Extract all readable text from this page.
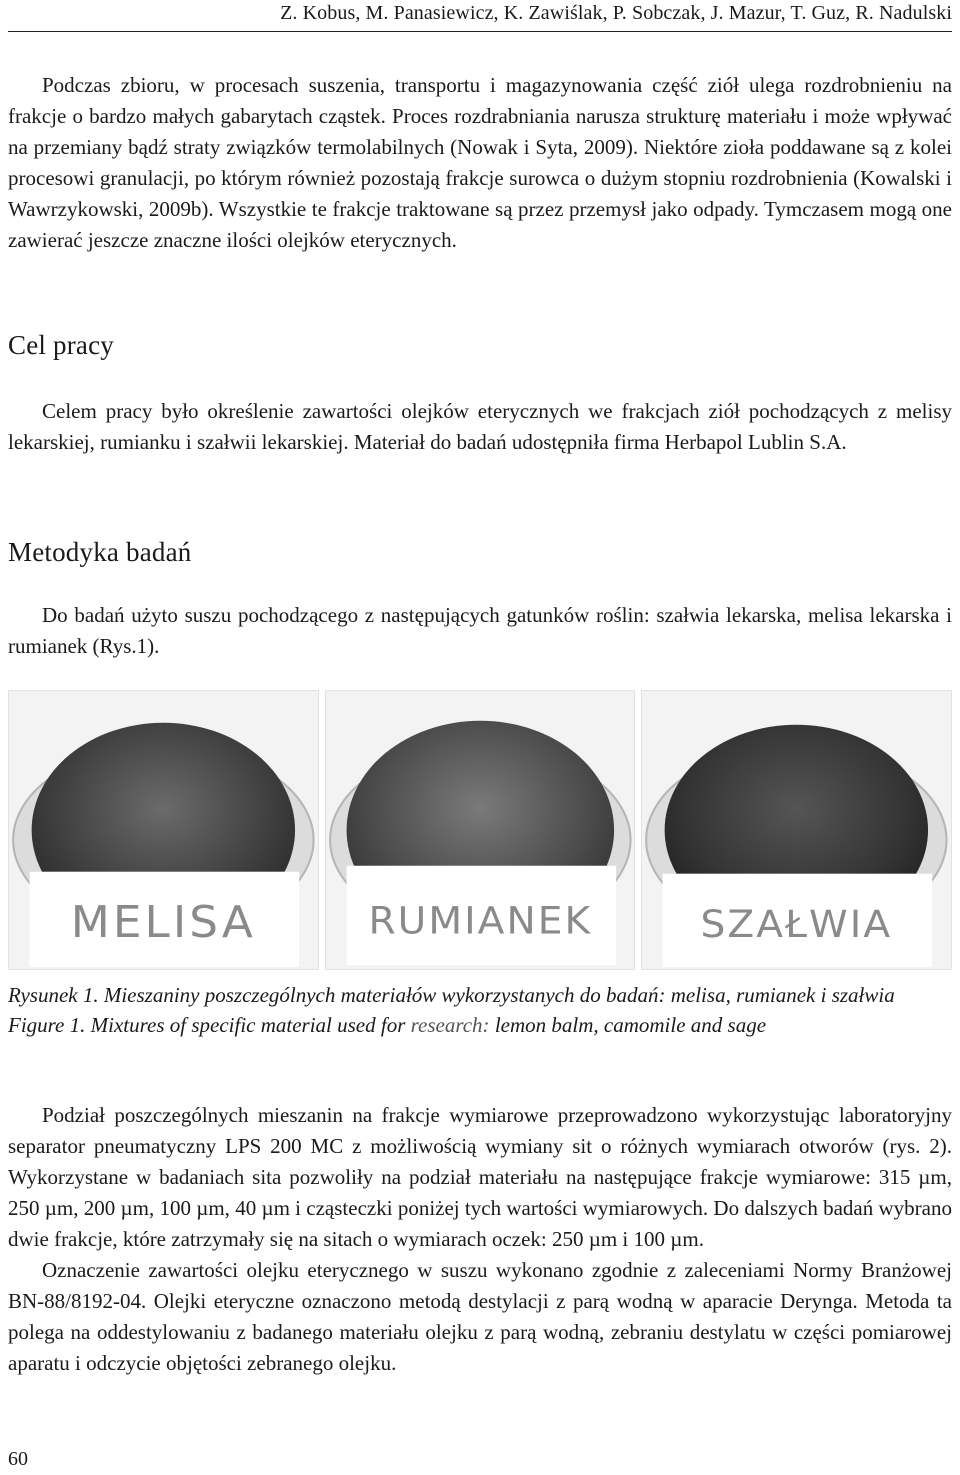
Z. Kobus, M. Panasiewicz, K. Zawiślak, P. Sobczak, J. Mazur, T. Guz, R. Nadulski

Podczas zbioru, w procesach suszenia, transportu i magazynowania część ziół ulega rozdrobnieniu na frakcje o bardzo małych gabarytach cząstek. Proces rozdrabniania narusza strukturę materiału i może wpływać na przemiany bądź straty związków termolabilnych (Nowak i Syta, 2009). Niektóre zioła poddawane są z kolei procesowi granulacji, po którym również pozostają frakcje surowca o dużym stopniu rozdrobnienia (Kowalski i Wawrzykowski, 2009b). Wszystkie te frakcje traktowane są przez przemysł jako odpady. Tymczasem mogą one zawierać jeszcze znaczne ilości olejków eterycznych.

Cel pracy

Celem pracy było określenie zawartości olejków eterycznych we frakcjach ziół pochodzących z melisy lekarskiej, rumianku i szałwii lekarskiej. Materiał do badań udostępniła firma Herbapol Lublin S.A.

Metodyka badań

Do badań użyto suszu pochodzącego z następujących gatunków roślin: szałwia lekarska, melisa lekarska i rumianek (Rys.1).

MELISA	RUMIANEK	SZAŁWIA
Rysunek 1. Mieszaniny poszczególnych materiałów wykorzystanych do badań: melisa, rumianek i szałwia
Figure 1. Mixtures of specific material used for research: lemon balm, camomile and sage

Podział poszczególnych mieszanin na frakcje wymiarowe przeprowadzono wykorzystując laboratoryjny separator pneumatyczny LPS 200 MC z możliwością wymiany sit o różnych wymiarach otworów (rys. 2). Wykorzystane w badaniach sita pozwoliły na podział materiału na następujące frakcje wymiarowe: 315 µm, 250 µm, 200 µm, 100 µm, 40 µm i cząsteczki poniżej tych wartości wymiarowych. Do dalszych badań wybrano dwie frakcje, które zatrzymały się na sitach o wymiarach oczek: 250 µm i 100 µm.

Oznaczenie zawartości olejku eterycznego w suszu wykonano zgodnie z zaleceniami Normy Branżowej BN-88/8192-04. Olejki eteryczne oznaczono metodą destylacji z parą wodną w aparacie Derynga. Metoda ta polega na oddestylowaniu z badanego materiału olejku z parą wodną, zebraniu destylatu w części pomiarowej aparatu i odczycie objętości zebranego olejku.

60
